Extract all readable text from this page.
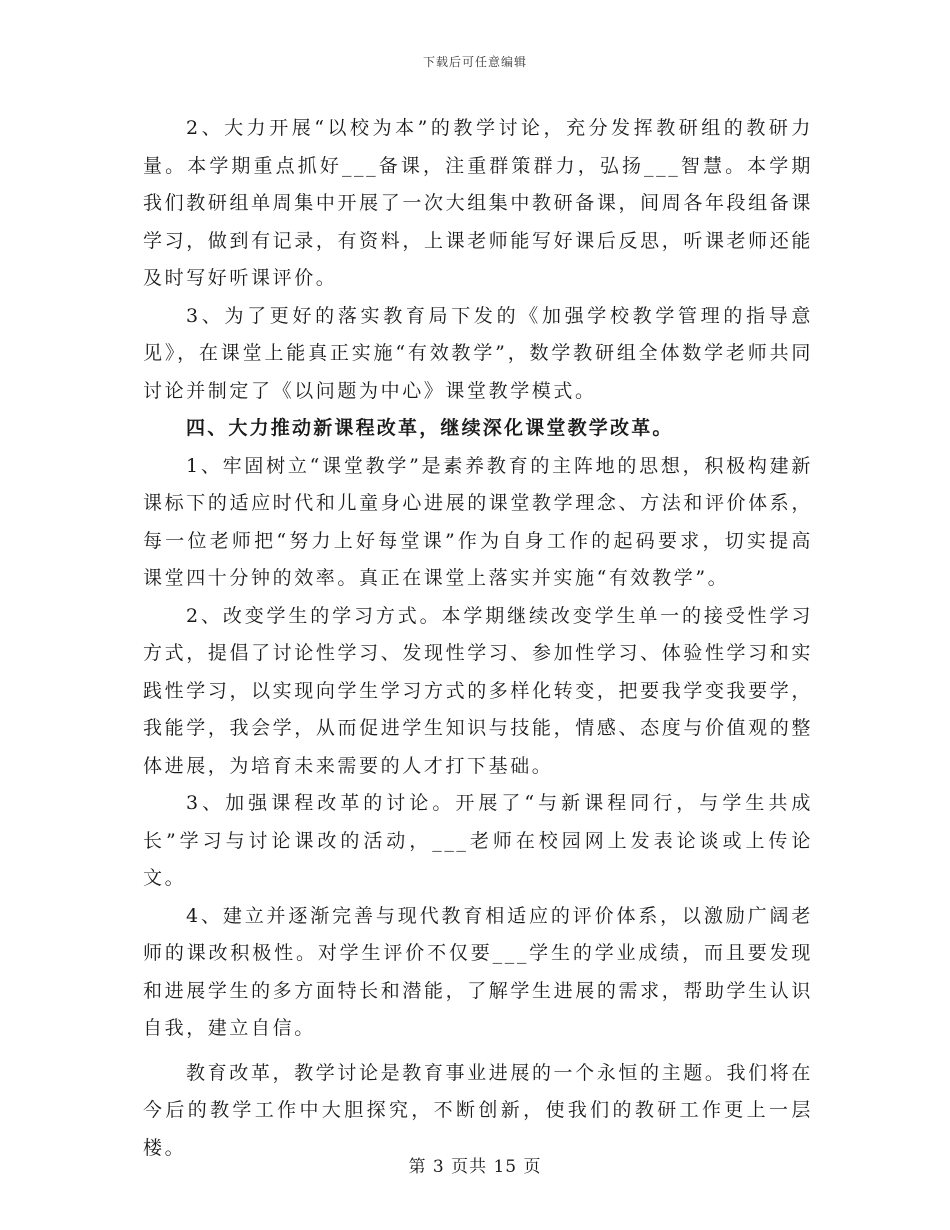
下载后可任意编辑

2、大力开展“以校为本”的教学讨论，充分发挥教研组的教研力量。本学期重点抓好___备课，注重群策群力，弘扬___智慧。本学期我们教研组单周集中开展了一次大组集中教研备课，间周各年段组备课学习，做到有记录，有资料，上课老师能写好课后反思，听课老师还能及时写好听课评价。

3、为了更好的落实教育局下发的《加强学校教学管理的指导意见》，在课堂上能真正实施“有效教学”，数学教研组全体数学老师共同讨论并制定了《以问题为中心》课堂教学模式。

四、大力推动新课程改革，继续深化课堂教学改革。

1、牢固树立“课堂教学”是素养教育的主阵地的思想，积极构建新课标下的适应时代和儿童身心进展的课堂教学理念、方法和评价体系，每一位老师把“努力上好每堂课”作为自身工作的起码要求，切实提高课堂四十分钟的效率。真正在课堂上落实并实施“有效教学”。

2、改变学生的学习方式。本学期继续改变学生单一的接受性学习方式，提倡了讨论性学习、发现性学习、参加性学习、体验性学习和实践性学习，以实现向学生学习方式的多样化转变，把要我学变我要学，我能学，我会学，从而促进学生知识与技能，情感、态度与价值观的整体进展，为培育未来需要的人才打下基础。

3、加强课程改革的讨论。开展了“与新课程同行，与学生共成长”学习与讨论课改的活动，___老师在校园网上发表论谈或上传论文。

4、建立并逐渐完善与现代教育相适应的评价体系，以激励广阔老师的课改积极性。对学生评价不仅要___学生的学业成绩，而且要发现和进展学生的多方面特长和潜能，了解学生进展的需求，帮助学生认识自我，建立自信。

教育改革，教学讨论是教育事业进展的一个永恒的主题。我们将在今后的教学工作中大胆探究，不断创新，使我们的教研工作更上一层楼。

第 3 页共 15 页
